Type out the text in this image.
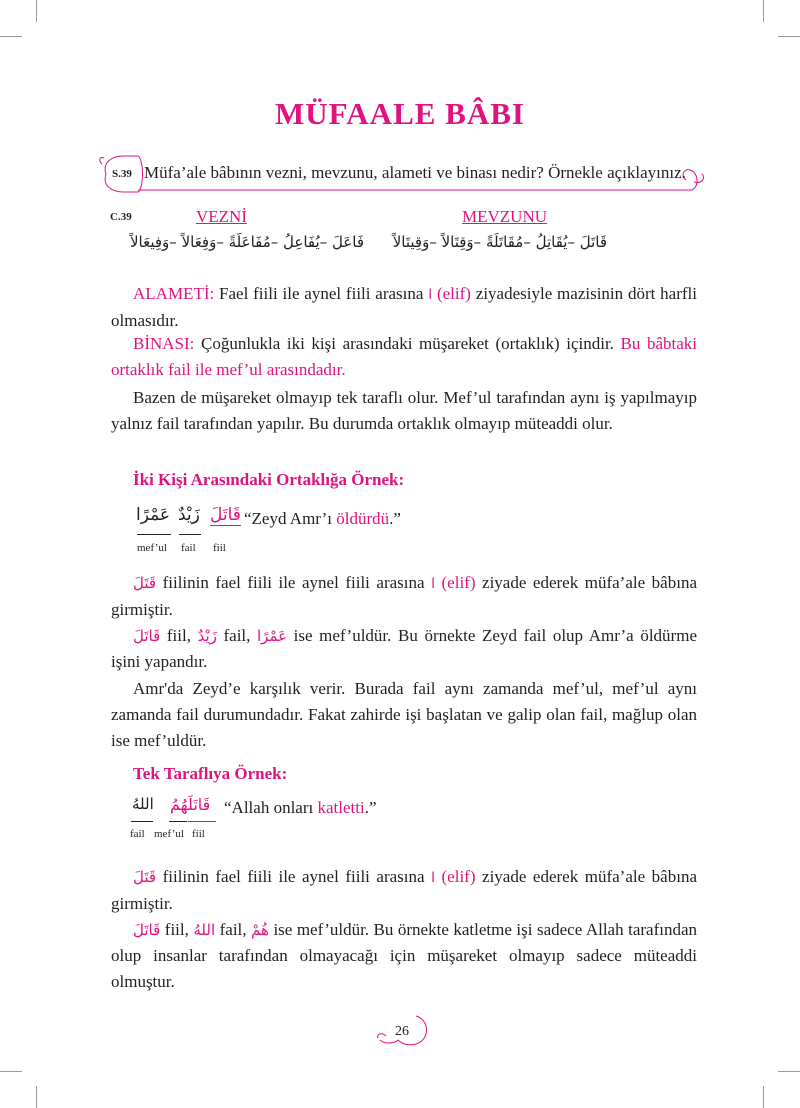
MÜFAALE BÂBI
S.39 Müfa’ale bâbının vezni, mevzunu, alameti ve binası nedir? Örnekle açıklayınız.
C.39	VEZNİ	MEVZUNU
فَاعَلَ –يُفَاعِلُ –مُفَاعَلَةً –وَفِعَالاً –وَفِيعَالاً قَاتَلَ –يُقَاتِلُ –مُقَاتَلَةً –وَقِتَالاً –وَقِيتَالاً

ALAMETİ: Fael fiili ile aynel fiili arasına ا (elif) ziyadesiyle mazisinin dört harfli olmasıdır.

BİNASI: Çoğunlukla iki kişi arasındaki müşareket (ortaklık) içindir. Bu bâbtaki ortaklık fail ile mef’ul arasındadır.

Bazen de müşareket olmayıp tek taraflı olur. Mef’ul tarafından aynı iş yapılmayıp yalnız fail tarafından yapılır. Bu durumda ortaklık olmayıp müteaddi olur.

İki Kişi Arasındaki Ortaklığa Örnek:
عَمْرًا زَيْدٌ قَاتَلَ
mef’ul fail fiil
“Zeyd Amr’ı öldürdü.”

قَتَلَ fiilinin fael fiili ile aynel fiili arasına ا (elif) ziyade ederek müfa’ale bâbına girmiştir.

قَاتَلَ fiil, زَيْدٌ fail, عَمْرًا ise mef’uldür. Bu örnekte Zeyd fail olup Amr’a öldürme işini yapandır.

Amr'da Zeyd’e karşılık verir. Burada fail aynı zamanda mef’ul, mef’ul aynı zamanda fail durumundadır. Fakat zahirde işi başlatan ve galip olan fail, mağlup olan ise mef’uldür.

Tek Taraflıya Örnek:
اللهُ قَاتَلَهُمُ
fail mef’ul fiil
“Allah onları katletti.”

قَتَلَ fiilinin fael fiili ile aynel fiili arasına ا (elif) ziyade ederek müfa’ale bâbına girmiştir.

قَاتَلَ fiil, اللهُ fail, هُمْ ise mef’uldür. Bu örnekte katletme işi sadece Allah tarafından olup insanlar tarafından olmayacağı için müşareket olmayıp sadece müteaddi olmuştur.

26
